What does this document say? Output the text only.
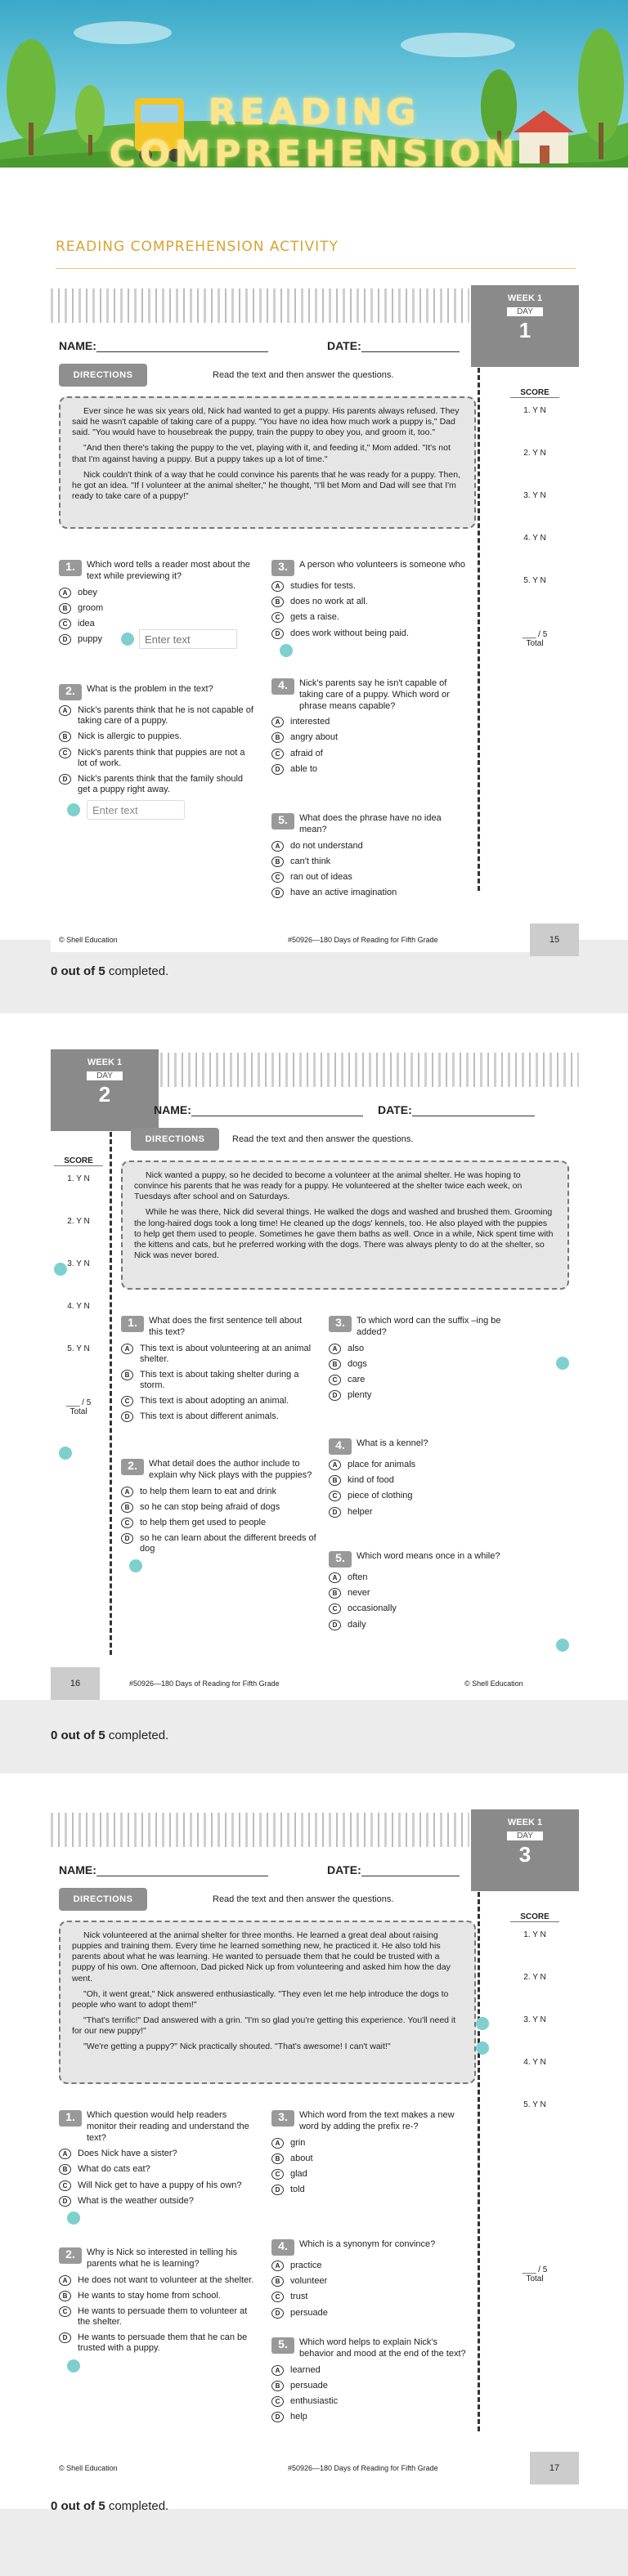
READING COMPREHENSION
READING COMPREHENSION ACTIVITY
WEEK 1
DAY
1
NAME:	DATE:
DIRECTIONS	Read the text and then answer the questions.

Ever since he was six years old, Nick had wanted to get a puppy. His parents always refused. They said he wasn't capable of taking care of a puppy. "You have no idea how much work a puppy is," Dad said. "You would have to housebreak the puppy, train the puppy to obey you, and groom it, too."

"And then there's taking the puppy to the vet, playing with it, and feeding it," Mom added. "It's not that I'm against having a puppy. But a puppy takes up a lot of time."

Nick couldn't think of a way that he could convince his parents that he was ready for a puppy. Then, he got an idea. "If I volunteer at the animal shelter," he thought, "I'll bet Mom and Dad will see that I'm ready to take care of a puppy!"

SCORE
1. Y N
2. Y N
3. Y N
4. Y N
5. Y N
___ / 5
Total
1.	Which word tells a reader most about the text while previewing it?
A	obey
B	groom
C	idea
D	puppy
Enter text
2.	What is the problem in the text?
A	Nick's parents think that he is not capable of taking care of a puppy.
B	Nick is allergic to puppies.
C	Nick's parents think that puppies are not a lot of work.
D	Nick's parents think that the family should get a puppy right away.
Enter text
3.	A person who volunteers is someone who
A	studies for tests.
B	does no work at all.
C	gets a raise.
D	does work without being paid.
4.	Nick's parents say he isn't capable of taking care of a puppy. Which word or phrase means capable?
A	interested
B	angry about
C	afraid of
D	able to
5.	What does the phrase have no idea mean?
A	do not understand
B	can't think
C	ran out of ideas
D	have an active imagination
© Shell Education	#50926—180 Days of Reading for Fifth Grade	15
0 out of 5 completed.
WEEK 1
DAY
2
NAME:	DATE:
DIRECTIONS	Read the text and then answer the questions.

Nick wanted a puppy, so he decided to become a volunteer at the animal shelter. He was hoping to convince his parents that he was ready for a puppy. He volunteered at the shelter twice each week, on Tuesdays after school and on Saturdays.

While he was there, Nick did several things. He walked the dogs and washed and brushed them. Grooming the long-haired dogs took a long time! He cleaned up the dogs' kennels, too. He also played with the puppies to help get them used to people. Sometimes he gave them baths as well. Once in a while, Nick spent time with the kittens and cats, but he preferred working with the dogs. There was always plenty to do at the shelter, so Nick was never bored.

SCORE
1. Y N
2. Y N
3. Y N
4. Y N
5. Y N
___ / 5
Total
1.	What does the first sentence tell about this text?
A	This text is about volunteering at an animal shelter.
B	This text is about taking shelter during a storm.
C	This text is about adopting an animal.
D	This text is about different animals.
2.	What detail does the author include to explain why Nick plays with the puppies?
A	to help them learn to eat and drink
B	so he can stop being afraid of dogs
C	to help them get used to people
D	so he can learn about the different breeds of dog
3.	To which word can the suffix –ing be added?
A	also
B	dogs
C	care
D	plenty
4.	What is a kennel?
A	place for animals
B	kind of food
C	piece of clothing
D	helper
5.	Which word means once in a while?
A	often
B	never
C	occasionally
D	daily
16	#50926—180 Days of Reading for Fifth Grade	© Shell Education
0 out of 5 completed.
WEEK 1
DAY
3
NAME:	DATE:
DIRECTIONS	Read the text and then answer the questions.

Nick volunteered at the animal shelter for three months. He learned a great deal about raising puppies and training them. Every time he learned something new, he practiced it. He also told his parents about what he was learning. He wanted to persuade them that he could be trusted with a puppy of his own. One afternoon, Dad picked Nick up from volunteering and asked him how the day went.

"Oh, it went great," Nick answered enthusiastically. "They even let me help introduce the dogs to people who want to adopt them!"

"That's terrific!" Dad answered with a grin. "I'm so glad you're getting this experience. You'll need it for our new puppy!"

"We're getting a puppy?" Nick practically shouted. "That's awesome! I can't wait!"

SCORE
1. Y N
2. Y N
3. Y N
4. Y N
5. Y N
___ / 5
Total
1.	Which question would help readers monitor their reading and understand the text?
A	Does Nick have a sister?
B	What do cats eat?
C	Will Nick get to have a puppy of his own?
D	What is the weather outside?
2.	Why is Nick so interested in telling his parents what he is learning?
A	He does not want to volunteer at the shelter.
B	He wants to stay home from school.
C	He wants to persuade them to volunteer at the shelter.
D	He wants to persuade them that he can be trusted with a puppy.
3.	Which word from the text makes a new word by adding the prefix re-?
A	grin
B	about
C	glad
D	told
4.	Which is a synonym for convince?
A	practice
B	volunteer
C	trust
D	persuade
5.	Which word helps to explain Nick's behavior and mood at the end of the text?
A	learned
B	persuade
C	enthusiastic
D	help
© Shell Education	#50926—180 Days of Reading for Fifth Grade	17
0 out of 5 completed.
